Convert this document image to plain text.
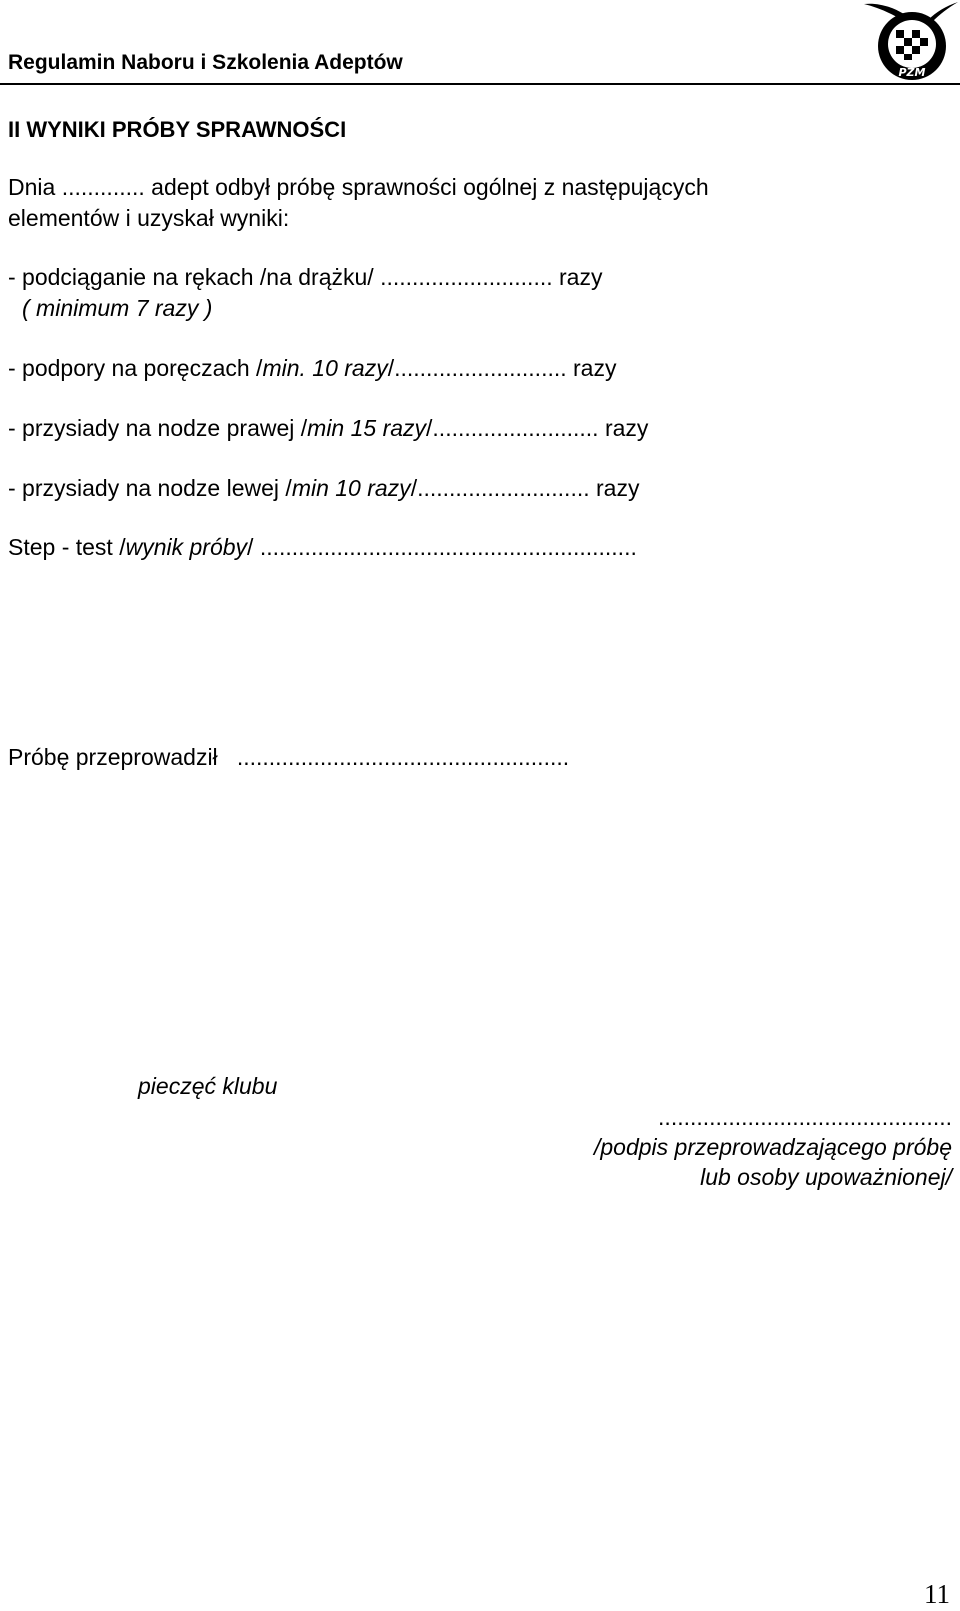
Regulamin Naboru i Szkolenia Adeptów	PZM
II WYNIKI PRÓBY SPRAWNOŚCI
Dnia ............. adept odbył próbę sprawności ogólnej z następujących
elementów i uzyskał wyniki:
- podciąganie na rękach /na drążku/ ........................... razy
( minimum 7 razy )
- podpory na poręczach /min. 10 razy/........................... razy
- przysiady na nodze prawej /min 15 razy/.......................... razy
- przysiady na nodze lewej /min 10 razy/........................... razy
Step - test /wynik próby/ ...........................................................
Próbę przeprowadził ....................................................
pieczęć klubu
..............................................
/podpis przeprowadzającego próbę
lub osoby upoważnionej/
11
